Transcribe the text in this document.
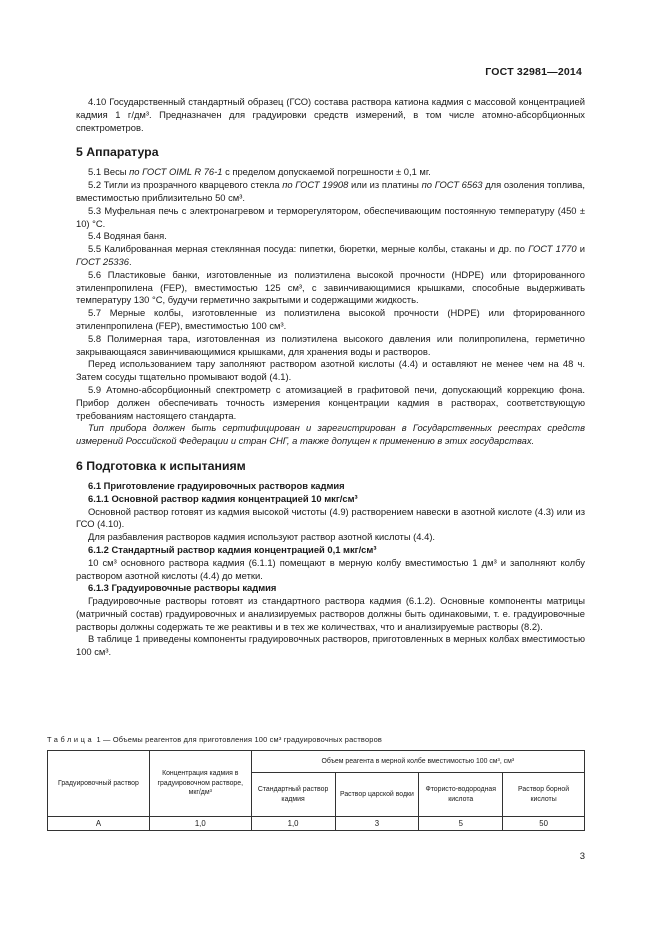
ГОСТ 32981—2014

4.10 Государственный стандартный образец (ГСО) состава раствора катиона кадмия с массовой концентрацией кадмия 1 г/дм³. Предназначен для градуировки средств измерений, в том числе атомно-абсорбционных спектрометров.

5 Аппаратура

5.1 Весы по ГОСТ OIML R 76-1 с пределом допускаемой погрешности ± 0,1 мг.

5.2 Тигли из прозрачного кварцевого стекла по ГОСТ 19908 или из платины по ГОСТ 6563 для озоления топлива, вместимостью приблизительно 50 см³.

5.3 Муфельная печь с электронагревом и терморегулятором, обеспечивающим постоянную температуру (450 ± 10) °С.

5.4 Водяная баня.

5.5 Калиброванная мерная стеклянная посуда: пипетки, бюретки, мерные колбы, стаканы и др. по ГОСТ 1770 и ГОСТ 25336.

5.6 Пластиковые банки, изготовленные из полиэтилена высокой прочности (HDPE) или фторированного этиленпропилена (FEP), вместимостью 125 см³, с завинчивающимися крышками, способные выдерживать температуру 130 °С, будучи герметично закрытыми и содержащими жидкость.

5.7 Мерные колбы, изготовленные из полиэтилена высокой прочности (HDPE) или фторированного этиленпропилена (FEP), вместимостью 100 см³.

5.8 Полимерная тара, изготовленная из полиэтилена высокого давления или полипропилена, герметично закрывающаяся завинчивающимися крышками, для хранения воды и растворов.

Перед использованием тару заполняют раствором азотной кислоты (4.4) и оставляют не менее чем на 48 ч. Затем сосуды тщательно промывают водой (4.1).

5.9 Атомно-абсорбционный спектрометр с атомизацией в графитовой печи, допускающий коррекцию фона. Прибор должен обеспечивать точность измерения концентрации кадмия в растворах, соответствующую требованиям настоящего стандарта.

Тип прибора должен быть сертифицирован и зарегистрирован в Государственных реестрах средств измерений Российской Федерации и стран СНГ, а также допущен к применению в этих государствах.

6 Подготовка к испытаниям

6.1 Приготовление градуировочных растворов кадмия

6.1.1 Основной раствор кадмия концентрацией 10 мкг/см³

Основной раствор готовят из кадмия высокой чистоты (4.9) растворением навески в азотной кислоте (4.3) или из ГСО (4.10).

Для разбавления растворов кадмия используют раствор азотной кислоты (4.4).

6.1.2 Стандартный раствор кадмия концентрацией 0,1 мкг/см³

10 см³ основного раствора кадмия (6.1.1) помещают в мерную колбу вместимостью 1 дм³ и заполняют колбу раствором азотной кислоты (4.4) до метки.

6.1.3 Градуировочные растворы кадмия

Градуировочные растворы готовят из стандартного раствора кадмия (6.1.2). Основные компоненты матрицы (матричный состав) градуировочных и анализируемых растворов должны быть одинаковыми, т. е. градуировочные растворы должны содержать те же реактивы и в тех же количествах, что и анализируемые растворы (8.2).

В таблице 1 приведены компоненты градуировочных растворов, приготовленных в мерных колбах вместимостью 100 см³.

Таблица 1 — Объемы реагентов для приготовления 100 см³ градуировочных растворов
Градуировочный раствор	Концентрация кадмия в градуировочном растворе, мкг/дм³	Объем реагента в мерной колбе вместимостью 100 см³, см³			
		Стандартный раствор кадмия	Раствор царской водки	Фтористо-водородная кислота	Раствор борной кислоты
А	1,0	1,0	3	5	50
3
